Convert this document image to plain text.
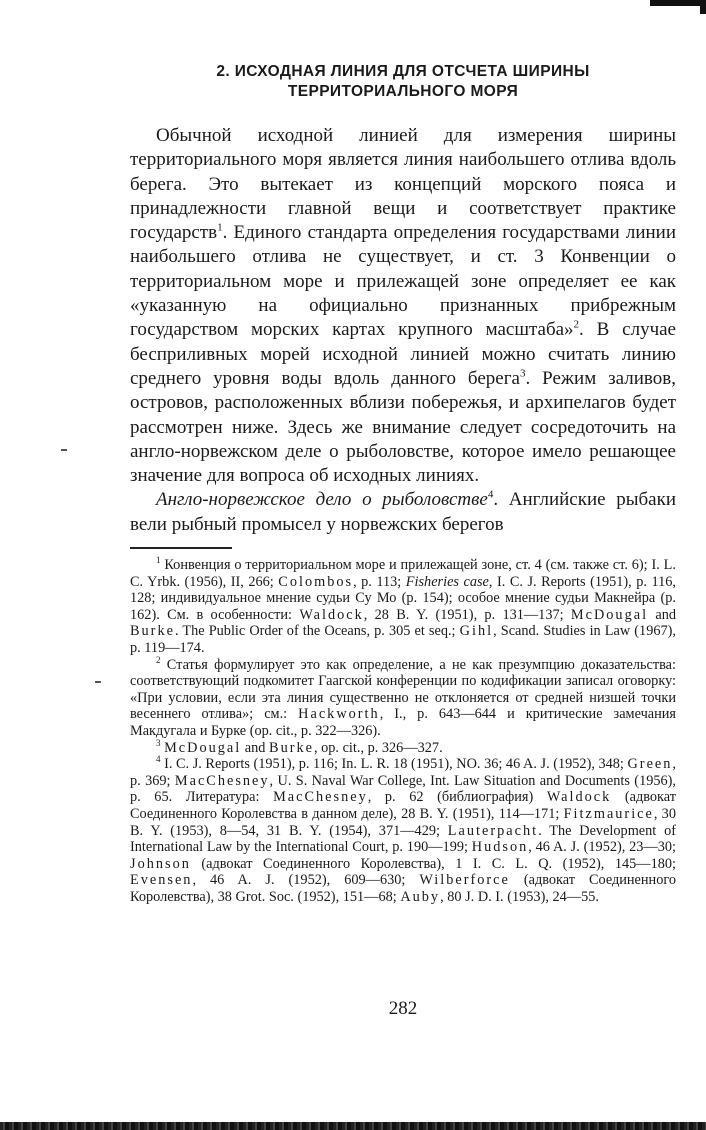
2. ИСХОДНАЯ ЛИНИЯ ДЛЯ ОТСЧЕТА ШИРИНЫ
ТЕРРИТОРИАЛЬНОГО МОРЯ

Обычной исходной линией для измерения ширины территориального моря является линия наибольшего отлива вдоль берега. Это вытекает из концепций морского пояса и принадлежности главной вещи и соответствует практике государств$^1$. Единого стандарта определения государствами линии наибольшего отлива не существует, и ст. 3 Конвенции о территориальном море и прилежащей зоне определяет ее как «указанную на официально признанных прибрежным государством морских картах крупного масштаба»$^2$. В случае бесприливных морей исходной линией можно считать линию среднего уровня воды вдоль данного берега$^3$. Режим заливов, островов, расположенных вблизи побережья, и архипелагов будет рассмотрен ниже. Здесь же внимание следует сосредоточить на англо-норвежском деле о рыболовстве, которое имело решающее значение для вопроса об исходных линиях.

Англо-норвежское дело о рыболовстве$^4$. Английские рыбаки вели рыбный промысел у норвежских берегов

$^1$ Конвенция о территориальном море и прилежащей зоне, ст. 4 (см. также ст. 6); I. L. C. Yrbk. (1956), II, 266; Colombos, p. 113; Fisheries case, I. C. J. Reports (1951), p. 116, 128; индивидуальное мнение судьи Су Мо (p. 154); особое мнение судьи Макнейра (p. 162). См. в особенности: Waldock, 28 B. Y. (1951), p. 131—137; McDougal and Burke. The Public Order of the Oceans, p. 305 et seq.; Gihl, Scand. Studies in Law (1967), p. 119—174.

$^2$ Статья формулирует это как определение, а не как презумпцию доказательства: соответствующий подкомитет Гаагской конференции по кодификации записал оговорку: «При условии, если эта линия существенно не отклоняется от средней низшей точки весеннего отлива»; см.: Hackworth, I., p. 643—644 и критические замечания Макдугала и Бурке (op. cit., p. 322—326).

$^3$ McDougal and Burke, op. cit., p. 326—327.

$^4$ I. C. J. Reports (1951), p. 116; In. L. R. 18 (1951), NO. 36; 46 A. J. (1952), 348; Green, p. 369; MacChesney, U. S. Naval War College, Int. Law Situation and Documents (1956), p. 65. Литература: MacChesney, p. 62 (библиография) Waldock (адвокат Соединенного Королевства в данном деле), 28 B. Y. (1951), 114—171; Fitzmaurice, 30 B. Y. (1953), 8—54, 31 B. Y. (1954), 371—429; Lauterpacht. The Development of International Law by the International Court, p. 190—199; Hudson, 46 A. J. (1952), 23—30; Johnson (адвокат Соединенного Королевства), 1 I. C. L. Q. (1952), 145—180; Evensen, 46 A. J. (1952), 609—630; Wilberforce (адвокат Соединенного Королевства), 38 Grot. Soc. (1952), 151—68; Auby, 80 J. D. I. (1953), 24—55.

282
